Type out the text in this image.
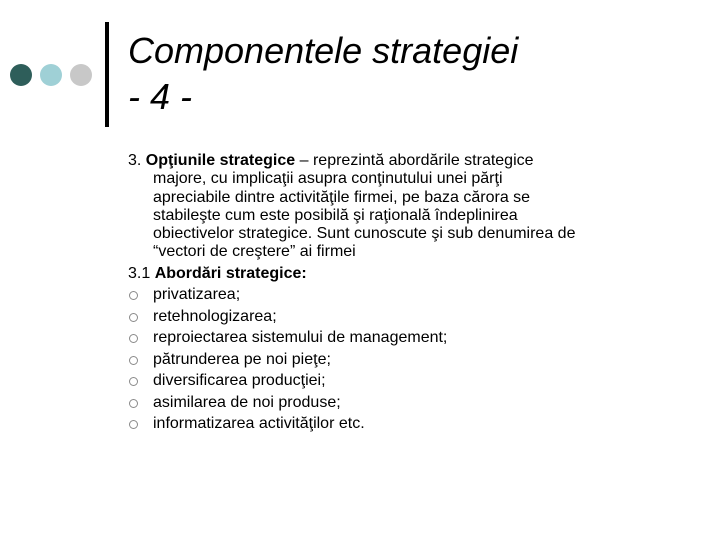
Componentele strategiei
- 4 -
3. Opţiunile strategice – reprezintă abordările strategice
majore, cu implicaţii asupra conţinutului unei părţi
apreciabile dintre activităţile firmei, pe baza cărora se
stabileşte cum este posibilă şi raţională îndeplinirea
obiectivelor strategice. Sunt cunoscute şi sub denumirea de
“vectori de creştere” ai firmei
3.1 Abordări strategice:
privatizarea;
retehnologizarea;
reproiectarea sistemului de management;
pătrunderea pe noi pieţe;
diversificarea producţiei;
asimilarea de noi produse;
informatizarea activităţilor etc.
